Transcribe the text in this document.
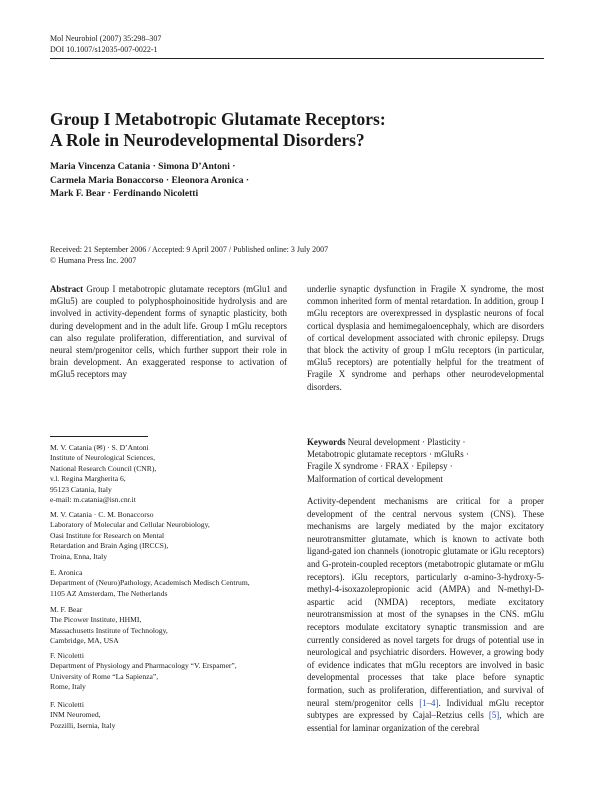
Mol Neurobiol (2007) 35:298–307
DOI 10.1007/s12035-007-0022-1
Group I Metabotropic Glutamate Receptors:
A Role in Neurodevelopmental Disorders?
Maria Vincenza Catania · Simona D’Antoni ·
Carmela Maria Bonaccorso · Eleonora Aronica ·
Mark F. Bear · Ferdinando Nicoletti
Received: 21 September 2006 / Accepted: 9 April 2007 / Published online: 3 July 2007
© Humana Press Inc. 2007
Abstract Group I metabotropic glutamate receptors (mGlu1 and mGlu5) are coupled to polyphosphoinositide hydrolysis and are involved in activity-dependent forms of synaptic plasticity, both during development and in the adult life. Group I mGlu receptors can also regulate proliferation, differentiation, and survival of neural stem/progenitor cells, which further support their role in brain development. An exaggerated response to activation of mGlu5 receptors may
underlie synaptic dysfunction in Fragile X syndrome, the most common inherited form of mental retardation. In addition, group I mGlu receptors are overexpressed in dysplastic neurons of focal cortical dysplasia and hemimegaloencephaly, which are disorders of cortical development associated with chronic epilepsy. Drugs that block the activity of group I mGlu receptors (in particular, mGlu5 receptors) are potentially helpful for the treatment of Fragile X syndrome and perhaps other neurodevelopmental disorders.
Keywords Neural development · Plasticity ·
Metabotropic glutamate receptors · mGluRs ·
Fragile X syndrome · FRAX · Epilepsy ·
Malformation of cortical development
Activity-dependent mechanisms are critical for a proper development of the central nervous system (CNS). These mechanisms are largely mediated by the major excitatory neurotransmitter glutamate, which is known to activate both ligand-gated ion channels (ionotropic glutamate or iGlu receptors) and G-protein-coupled receptors (metabotropic glutamate or mGlu receptors). iGlu receptors, particularly α-amino-3-hydroxy-5-methyl-4-isoxazolepropionic acid (AMPA) and N-methyl-D-aspartic acid (NMDA) receptors, mediate excitatory neurotransmission at most of the synapses in the CNS. mGlu receptors modulate excitatory synaptic transmission and are currently considered as novel targets for drugs of potential use in neurological and psychiatric disorders. However, a growing body of evidence indicates that mGlu receptors are involved in basic developmental processes that take place before synaptic formation, such as proliferation, differentiation, and survival of neural stem/progenitor cells [1–4]. Individual mGlu receptor subtypes are expressed by Cajal–Retzius cells [5], which are essential for laminar organization of the cerebral
M. V. Catania (✉) · S. D’Antoni
Institute of Neurological Sciences,
National Research Council (CNR),
v.l. Regina Margherita 6,
95123 Catania, Italy
e-mail: m.catania@isn.cnr.it
M. V. Catania · C. M. Bonaccorso
Laboratory of Molecular and Cellular Neurobiology,
Oasi Institute for Research on Mental
Retardation and Brain Aging (IRCCS),
Troina, Enna, Italy
E. Aronica
Department of (Neuro)Pathology, Academisch Medisch Centrum,
1105 AZ Amsterdam, The Netherlands
M. F. Bear
The Picower Institute, HHMI,
Massachusetts Institute of Technology,
Cambridge, MA, USA
F. Nicoletti
Department of Physiology and Pharmacology “V. Erspamer”,
University of Rome “La Sapienza”,
Rome, Italy
F. Nicoletti
INM Neuromed,
Pozzilli, Isernia, Italy
